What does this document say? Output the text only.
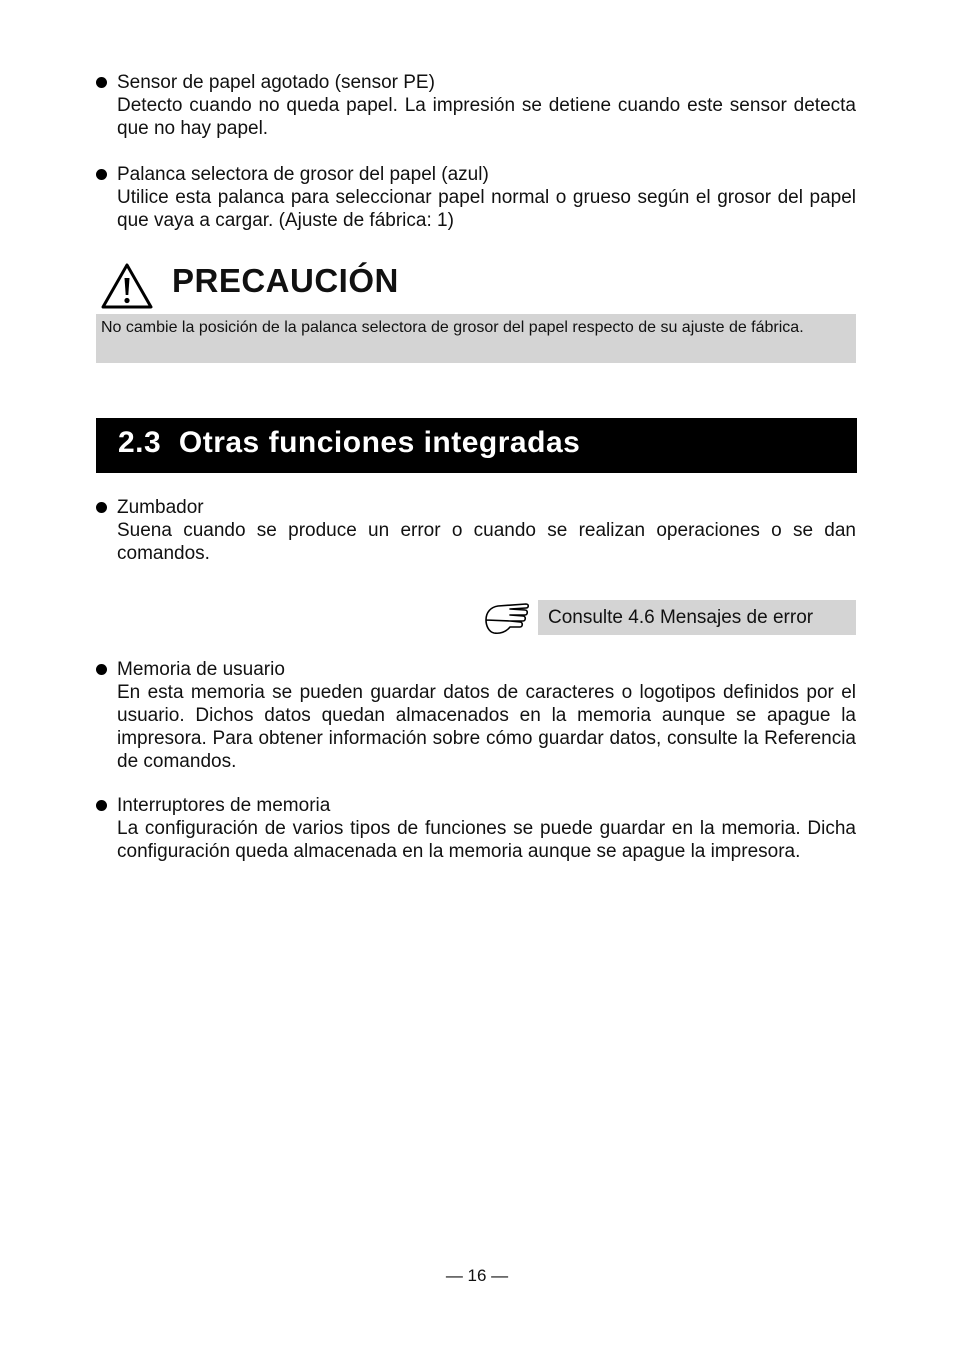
Sensor de papel agotado (sensor PE)
Detecto cuando no queda papel. La impresión se detiene cuando este sensor detecta que no hay papel.
Palanca selectora de grosor del papel (azul)
Utilice esta palanca para seleccionar papel normal o grueso según el grosor del papel que vaya a cargar. (Ajuste de fábrica: 1)
PRECAUCIÓN
No cambie la posición de la palanca selectora de grosor del papel respecto de su ajuste de fábrica.
2.3  Otras funciones integradas
Zumbador
Suena cuando se produce un error o cuando se realizan operaciones o se dan comandos.
Consulte 4.6 Mensajes de error
Memoria de usuario
En esta memoria se pueden guardar datos de caracteres o logotipos definidos por el usuario. Dichos datos quedan almacenados en la memoria aunque se apague la impresora. Para obtener información sobre cómo guardar datos, consulte la Referencia de comandos.
Interruptores de memoria
La configuración de varios tipos de funciones se puede guardar en la memoria. Dicha configuración queda almacenada en la memoria aunque se apague la impresora.
— 16 —
